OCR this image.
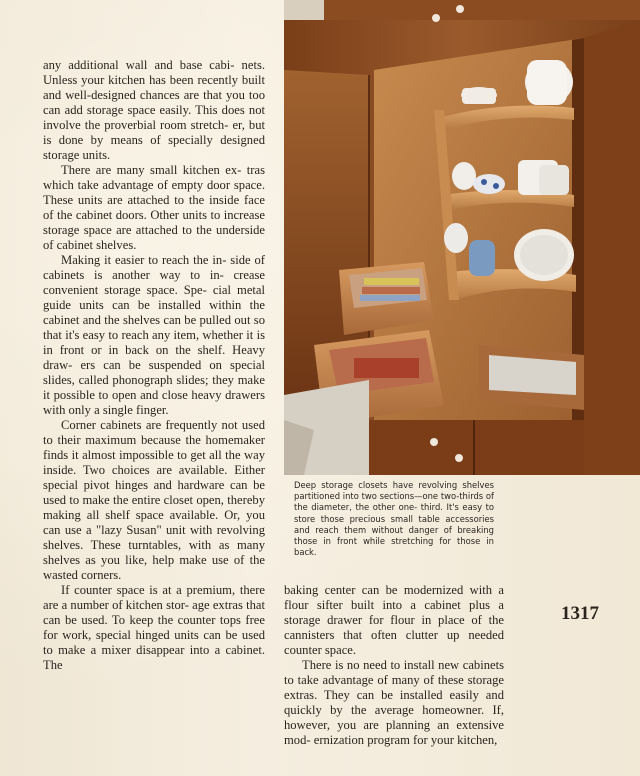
any additional wall and base cabi- nets. Unless your kitchen has been recently built and well-designed chances are that you too can add storage space easily. This does not involve the proverbial room stretch- er, but is done by means of specially designed storage units.

There are many small kitchen ex- tras which take advantage of empty door space. These units are attached to the inside face of the cabinet doors. Other units to increase storage space are attached to the underside of cabinet shelves.

Making it easier to reach the in- side of cabinets is another way to in- crease convenient storage space. Spe- cial metal guide units can be installed within the cabinet and the shelves can be pulled out so that it's easy to reach any item, whether it is in front or in back on the shelf. Heavy draw- ers can be suspended on special slides, called phonograph slides; they make it possible to open and close heavy drawers with only a single finger.

Corner cabinets are frequently not used to their maximum because the homemaker finds it almost impossible to get all the way inside. Two choices are available. Either special pivot hinges and hardware can be used to make the entire closet open, thereby making all shelf space available. Or, you can use a "lazy Susan" unit with revolving shelves. These turntables, with as many shelves as you like, help make use of the wasted corners.

If counter space is at a premium, there are a number of kitchen stor- age extras that can be used. To keep the counter tops free for work, special hinged units can be used to make a mixer disappear into a cabinet. The

Deep storage closets have revolving shelves partitioned into two sections—one two-thirds of the diameter, the other one- third. It's easy to store those precious small table accessories and reach them without danger of breaking those in front while stretching for those in back.

baking center can be modernized with a flour sifter built into a cabinet plus a storage drawer for flour in place of the cannisters that often clutter up needed counter space.

There is no need to install new cabinets to take advantage of many of these storage extras. They can be installed easily and quickly by the average homeowner. If, however, you are planning an extensive mod- ernization program for your kitchen,

1317
